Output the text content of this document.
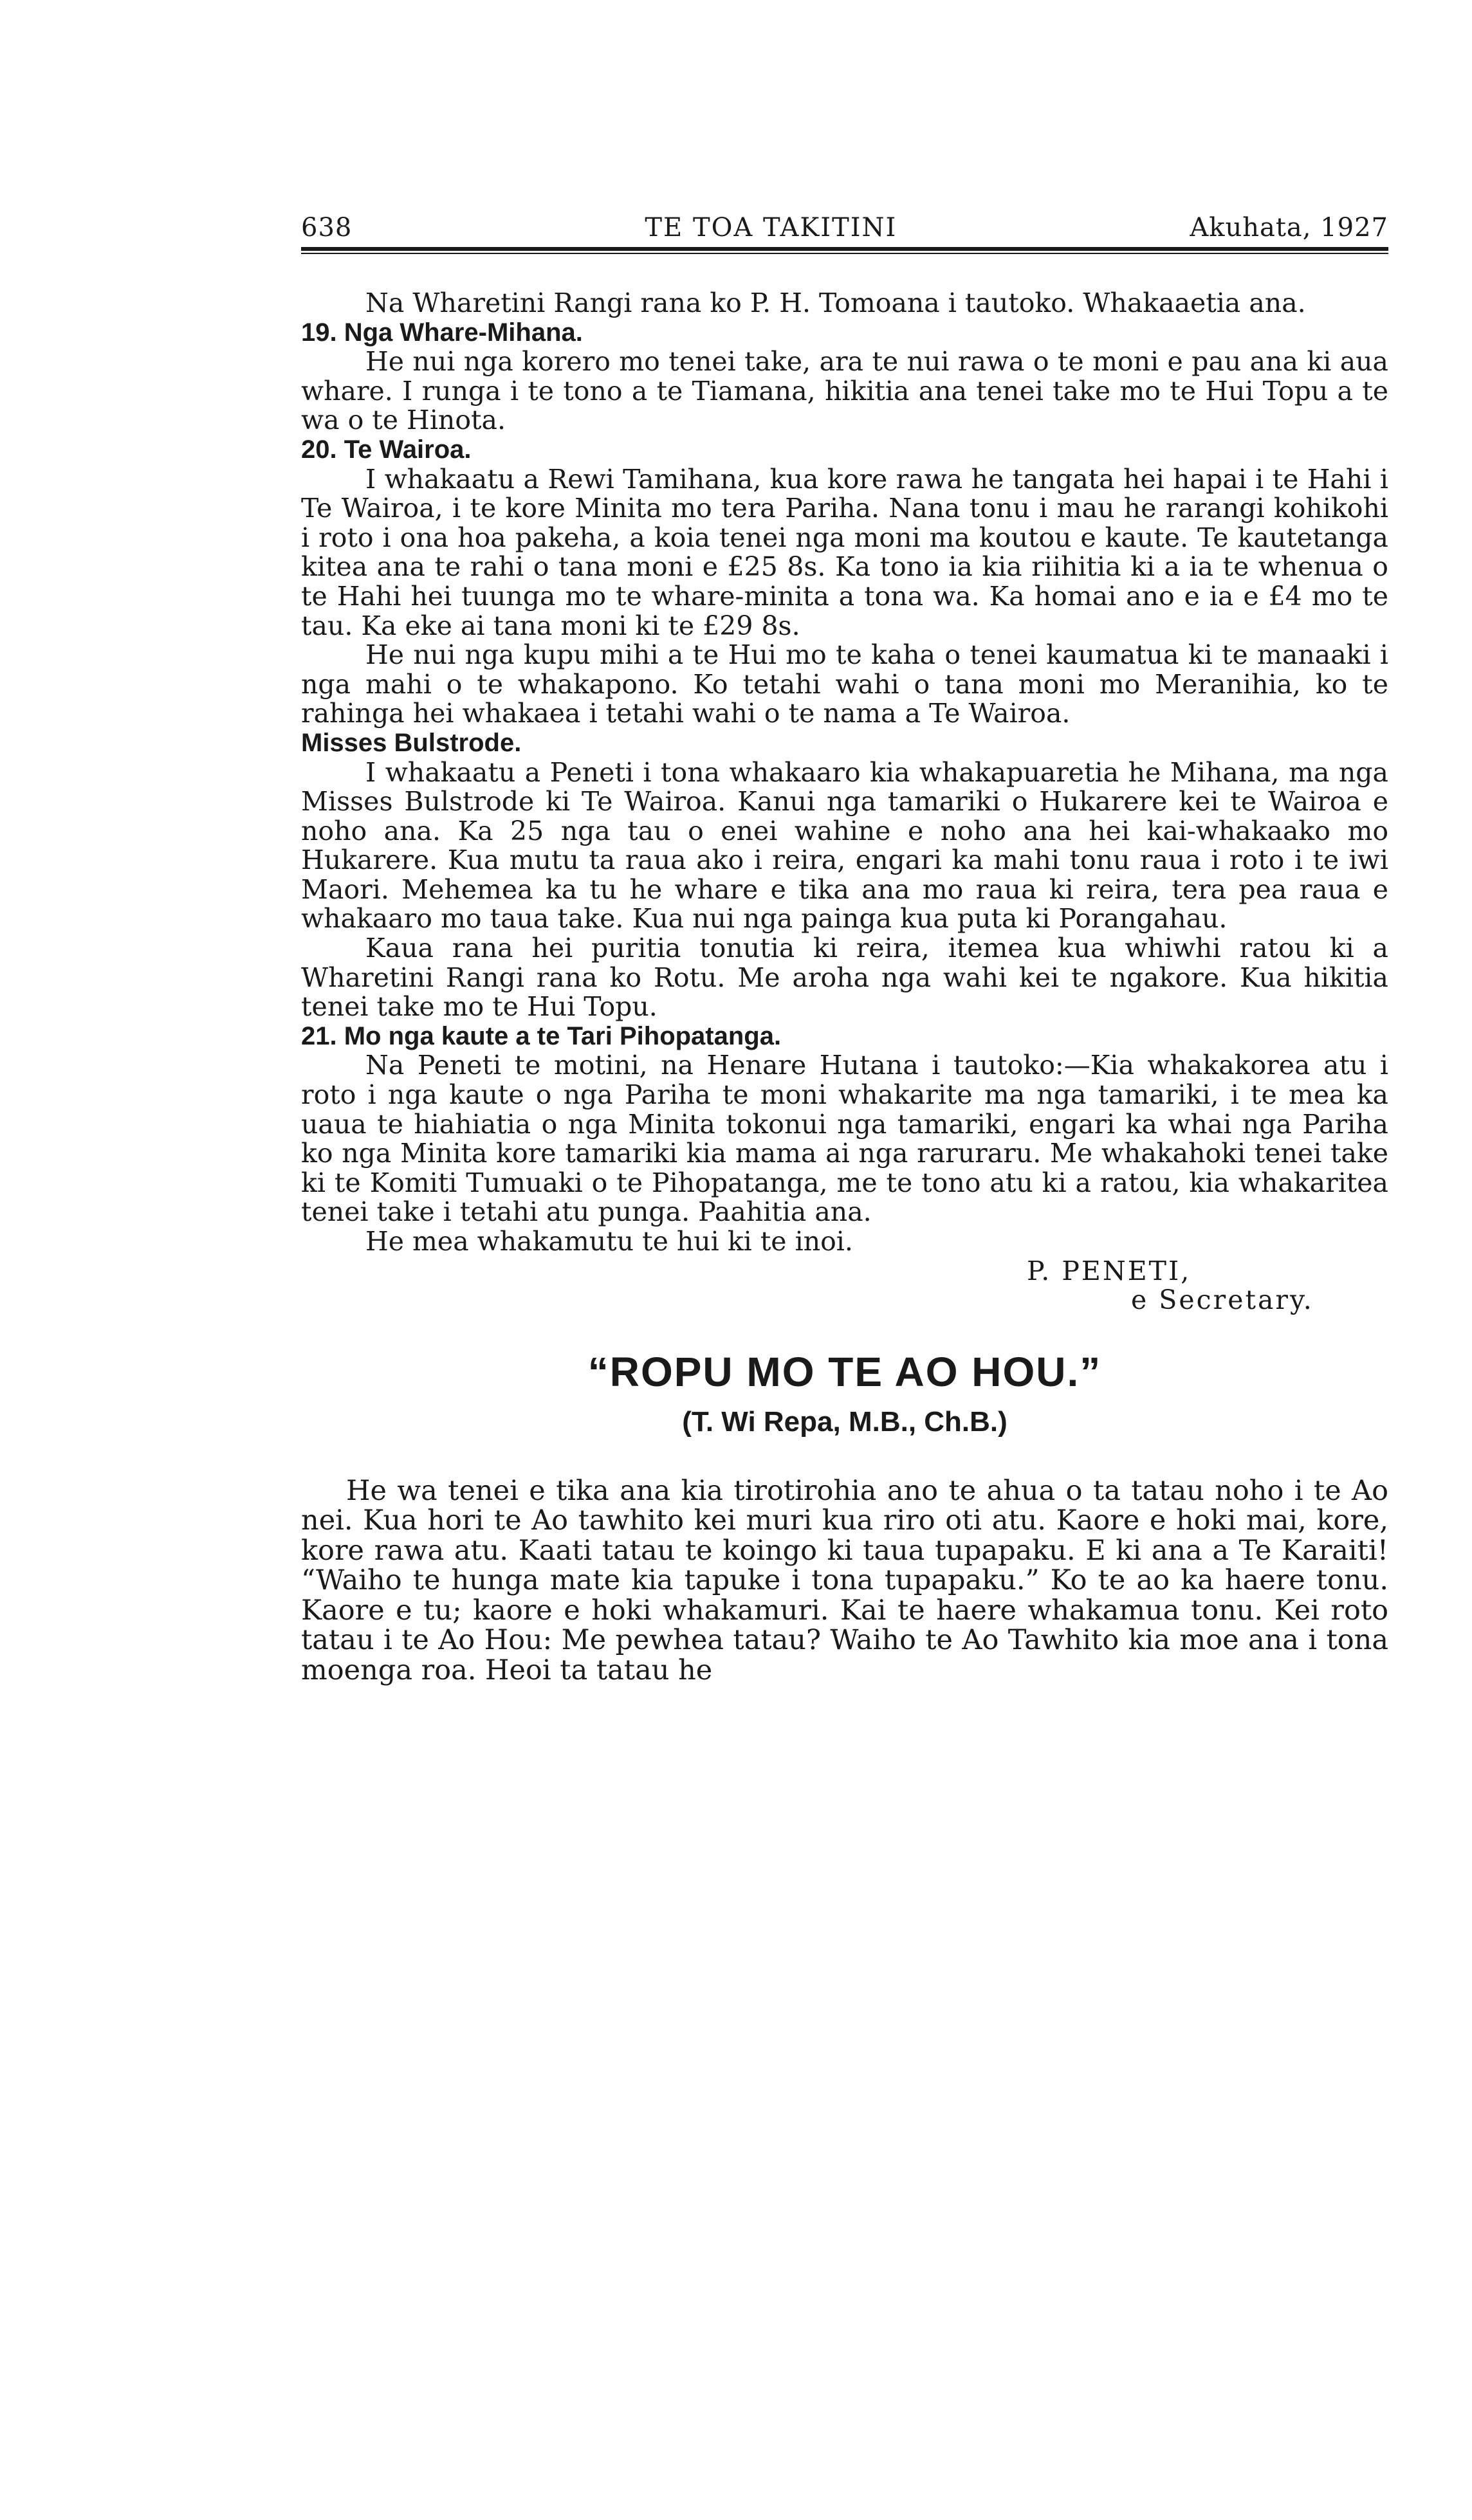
638	TE TOA TAKITINI	Akuhata, 1927

Na Wharetini Rangi rana ko P. H. Tomoana i tautoko. Whakaaetia ana.

19. Nga Whare-Mihana.

He nui nga korero mo tenei take, ara te nui rawa o te moni e pau ana ki aua whare. I runga i te tono a te Tiamana, hikitia ana tenei take mo te Hui Topu a te wa o te Hinota.

20. Te Wairoa.

I whakaatu a Rewi Tamihana, kua kore rawa he tangata hei hapai i te Hahi i Te Wairoa, i te kore Minita mo tera Pariha. Nana tonu i mau he rarangi kohikohi i roto i ona hoa pakeha, a koia tenei nga moni ma koutou e kaute. Te kautetanga kitea ana te rahi o tana moni e £25 8s. Ka tono ia kia riihitia ki a ia te whenua o te Hahi hei tuunga mo te whare-minita a tona wa. Ka homai ano e ia e £4 mo te tau. Ka eke ai tana moni ki te £29 8s.

He nui nga kupu mihi a te Hui mo te kaha o tenei kaumatua ki te manaaki i nga mahi o te whakapono. Ko tetahi wahi o tana moni mo Meranihia, ko te rahinga hei whakaea i tetahi wahi o te nama a Te Wairoa.

Misses Bulstrode.

I whakaatu a Peneti i tona whakaaro kia whakapuaretia he Mihana, ma nga Misses Bulstrode ki Te Wairoa. Kanui nga tamariki o Hukarere kei te Wairoa e noho ana. Ka 25 nga tau o enei wahine e noho ana hei kai-whakaako mo Hukarere. Kua mutu ta raua ako i reira, engari ka mahi tonu raua i roto i te iwi Maori. Mehemea ka tu he whare e tika ana mo raua ki reira, tera pea raua e whakaaro mo taua take. Kua nui nga painga kua puta ki Porangahau.

Kaua rana hei puritia tonutia ki reira, itemea kua whiwhi ratou ki a Wharetini Rangi rana ko Rotu. Me aroha nga wahi kei te ngakore. Kua hikitia tenei take mo te Hui Topu.

21. Mo nga kaute a te Tari Pihopatanga.

Na Peneti te motini, na Henare Hutana i tautoko:—Kia whakakorea atu i roto i nga kaute o nga Pariha te moni whakarite ma nga tamariki, i te mea ka uaua te hiahiatia o nga Minita tokonui nga tamariki, engari ka whai nga Pariha ko nga Minita kore tamariki kia mama ai nga raruraru. Me whakahoki tenei take ki te Komiti Tumuaki o te Pihopatanga, me te tono atu ki a ratou, kia whakaritea tenei take i tetahi atu punga. Paahitia ana.

He mea whakamutu te hui ki te inoi.

P. PENETI,

e Secretary.

“ROPU MO TE AO HOU.”
(T. Wi Repa, M.B., Ch.B.)

He wa tenei e tika ana kia tirotirohia ano te ahua o ta tatau noho i te Ao nei. Kua hori te Ao tawhito kei muri kua riro oti atu. Kaore e hoki mai, kore, kore rawa atu. Kaati tatau te koingo ki taua tupapaku. E ki ana a Te Karaiti! “Waiho te hunga mate kia tapuke i tona tupapaku.” Ko te ao ka haere tonu. Kaore e tu; kaore e hoki whakamuri. Kai te haere whakamua tonu. Kei roto tatau i te Ao Hou: Me pewhea tatau? Waiho te Ao Tawhito kia moe ana i tona moenga roa. Heoi ta tatau he
